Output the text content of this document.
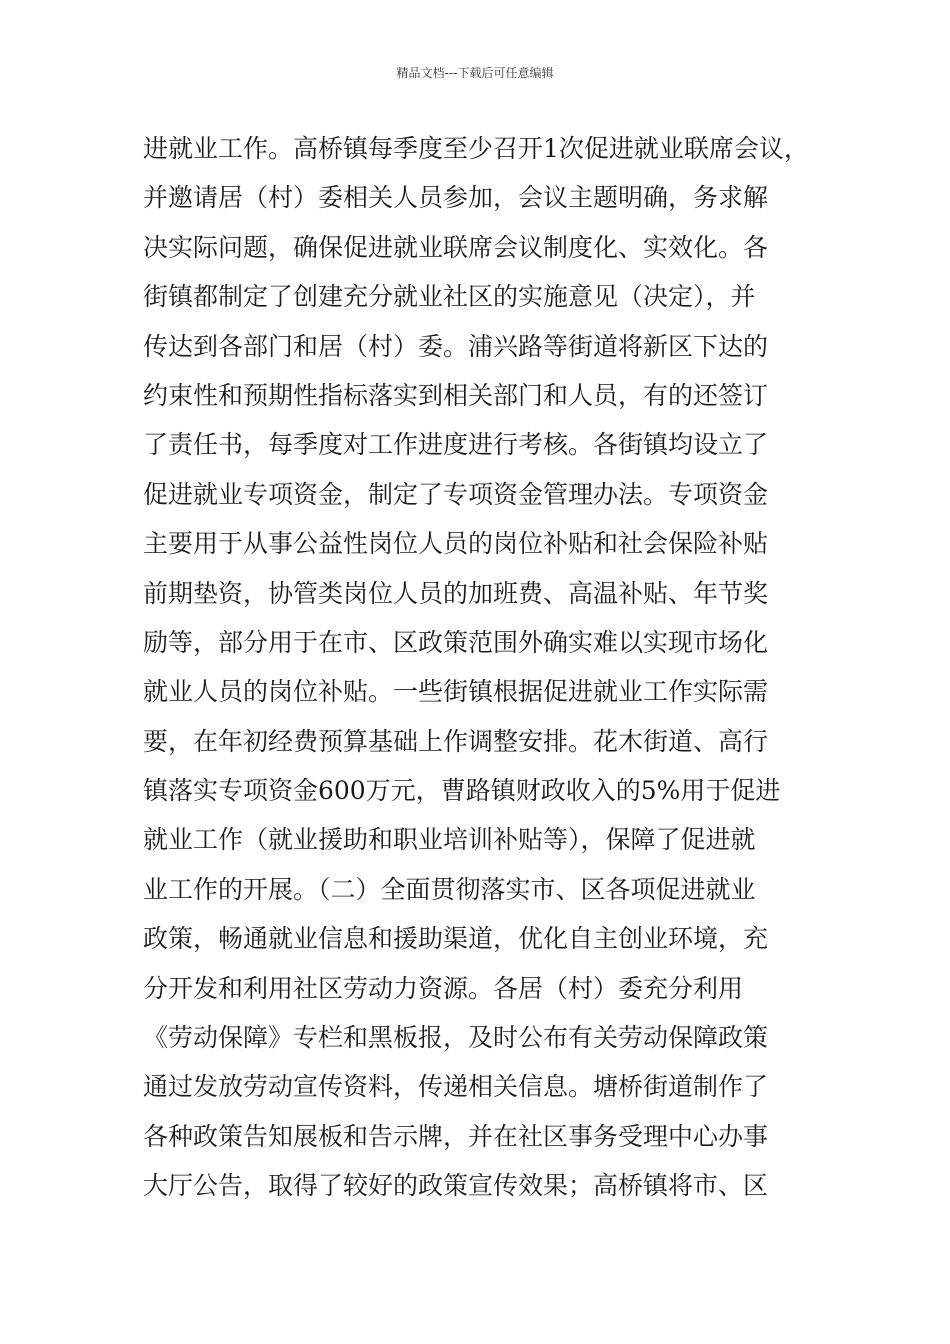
精品文档---下载后可任意编辑
进就业工作。高桥镇每季度至少召开1次促进就业联席会议，
并邀请居（村）委相关人员参加，会议主题明确，务求解
决实际问题，确保促进就业联席会议制度化、实效化。各
街镇都制定了创建充分就业社区的实施意见（决定），并
传达到各部门和居（村）委。浦兴路等街道将新区下达的
约束性和预期性指标落实到相关部门和人员，有的还签订
了责任书，每季度对工作进度进行考核。各街镇均设立了
促进就业专项资金，制定了专项资金管理办法。专项资金
主要用于从事公益性岗位人员的岗位补贴和社会保险补贴
前期垫资，协管类岗位人员的加班费、高温补贴、年节奖
励等，部分用于在市、区政策范围外确实难以实现市场化
就业人员的岗位补贴。一些街镇根据促进就业工作实际需
要，在年初经费预算基础上作调整安排。花木街道、高行
镇落实专项资金600万元，曹路镇财政收入的5%用于促进
就业工作（就业援助和职业培训补贴等），保障了促进就
业工作的开展。（二）全面贯彻落实市、区各项促进就业
政策，畅通就业信息和援助渠道，优化自主创业环境，充
分开发和利用社区劳动力资源。各居（村）委充分利用
《劳动保障》专栏和黑板报，及时公布有关劳动保障政策
通过发放劳动宣传资料，传递相关信息。塘桥街道制作了
各种政策告知展板和告示牌，并在社区事务受理中心办事
大厅公告，取得了较好的政策宣传效果；高桥镇将市、区
